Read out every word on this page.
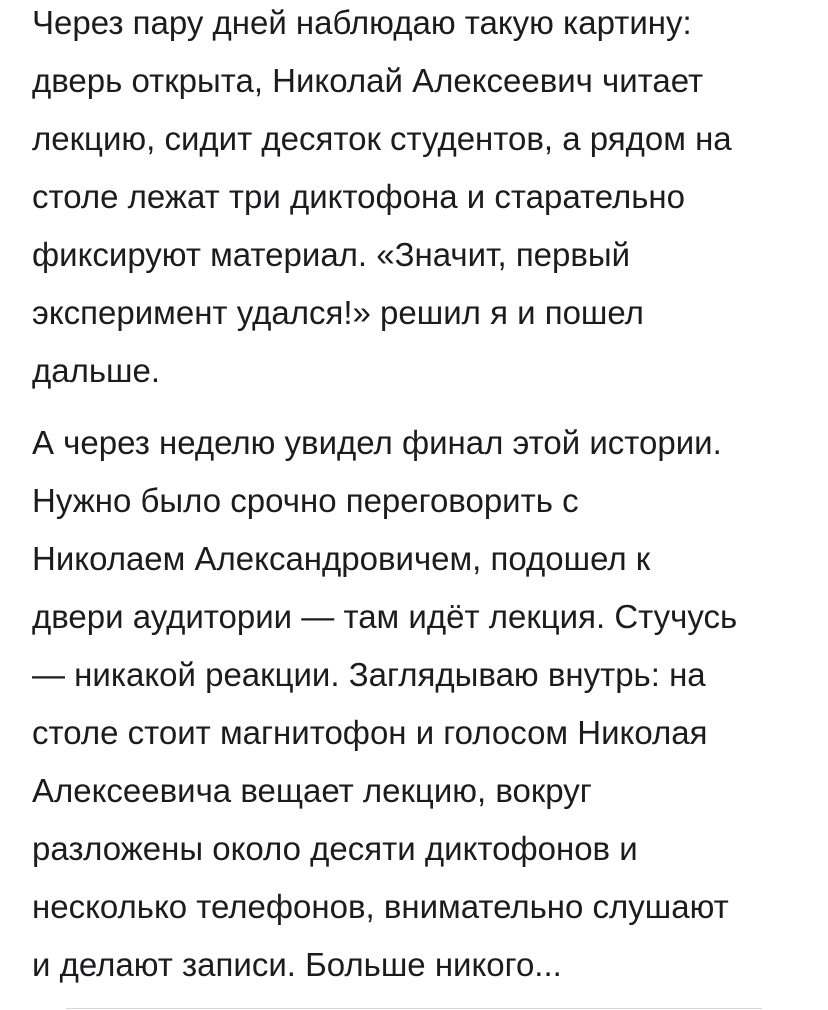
Через пару дней наблюдаю такую картину:
дверь открыта, Николай Алексеевич читает
лекцию, сидит десяток студентов, а рядом на
столе лежат три диктофона и старательно
фиксируют материал. «Значит, первый
эксперимент удался!» решил я и пошел
дальше.
А через неделю увидел финал этой истории.
Нужно было срочно переговорить с
Николаем Александровичем, подошел к
двери аудитории — там идёт лекция. Стучусь
— никакой реакции. Заглядываю внутрь: на
столе стоит магнитофон и голосом Николая
Алексеевича вещает лекцию, вокруг
разложены около десяти диктофонов и
несколько телефонов, внимательно слушают
и делают записи. Больше никого...
